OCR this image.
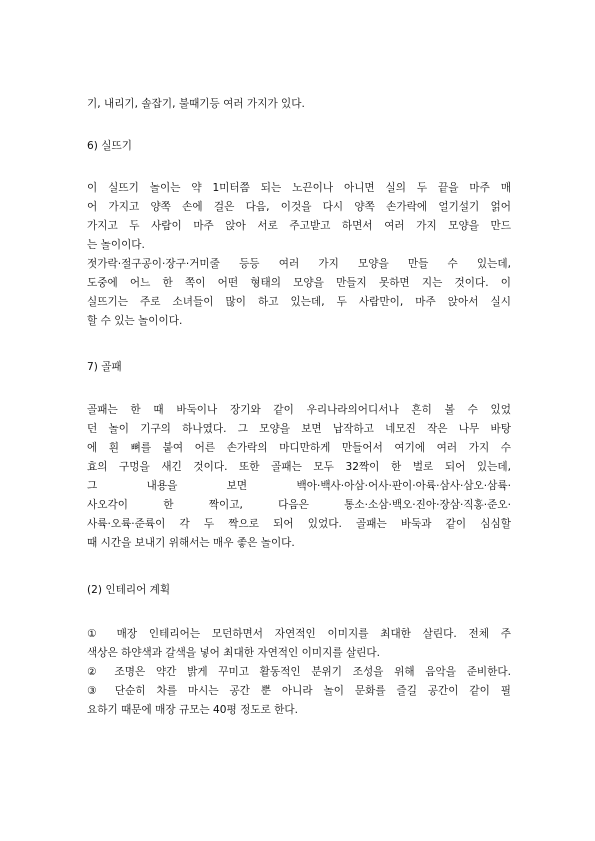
기, 내리기, 솔잡기, 불때기등 여러 가지가 있다.
6) 실뜨기
이 실뜨기 놀이는 약 1미터쯤 되는 노끈이나 아니면 실의 두 끝을 마주 매
어 가지고 양쪽 손에 걸은 다음, 이것을 다시 양쪽 손가락에 얼기설기 얽어
가지고 두 사람이 마주 앉아 서로 주고받고 하면서 여러 가지 모양을 만드
는 놀이이다.
젓가락·절구공이·장구·거미줄 등등 여러 가지 모양을 만들 수 있는데,
도중에 어느 한 쪽이 어떤 형태의 모양을 만들지 못하면 지는 것이다. 이
실뜨기는 주로 소녀들이 많이 하고 있는데, 두 사람만이, 마주 앉아서 실시
할 수 있는 놀이이다.
7) 골패
골패는 한 때 바둑이나 장기와 같이 우리나라의어디서나 흔히 볼 수 있었
던 놀이 기구의 하나였다. 그 모양을 보면 납작하고 네모진 작은 나무 바탕
에 흰 뼈를 붙여 어른 손가락의 마디만하게 만들어서 여기에 여러 가지 수
효의 구멍을 새긴 것이다. 또한 골패는 모두 32짝이 한 벌로 되어 있는데,
그 내용을 보면 백아·백사·아삼·어사·판이·아륙·삼사·삼오·삼륙·
사오각이 한 짝이고, 다음은 통소·소삼·백오·진아·장삼·직홍·준오·
사륙·오륙·준륙이 각 두 짝으로 되어 있었다. 골패는 바둑과 같이 심심할
때 시간을 보내기 위해서는 매우 좋은 놀이다.
(2) 인테리어 계획
① 매장 인테리어는 모던하면서 자연적인 이미지를 최대한 살린다. 전체 주
색상은 하얀색과 갈색을 넣어 최대한 자연적인 이미지를 살린다.
② 조명은 약간 밝게 꾸미고 활동적인 분위기 조성을 위해 음악을 준비한다.
③ 단순히 차를 마시는 공간 뿐 아니라 놀이 문화를 즐길 공간이 같이 필
요하기 때문에 매장 규모는 40평 정도로 한다.
